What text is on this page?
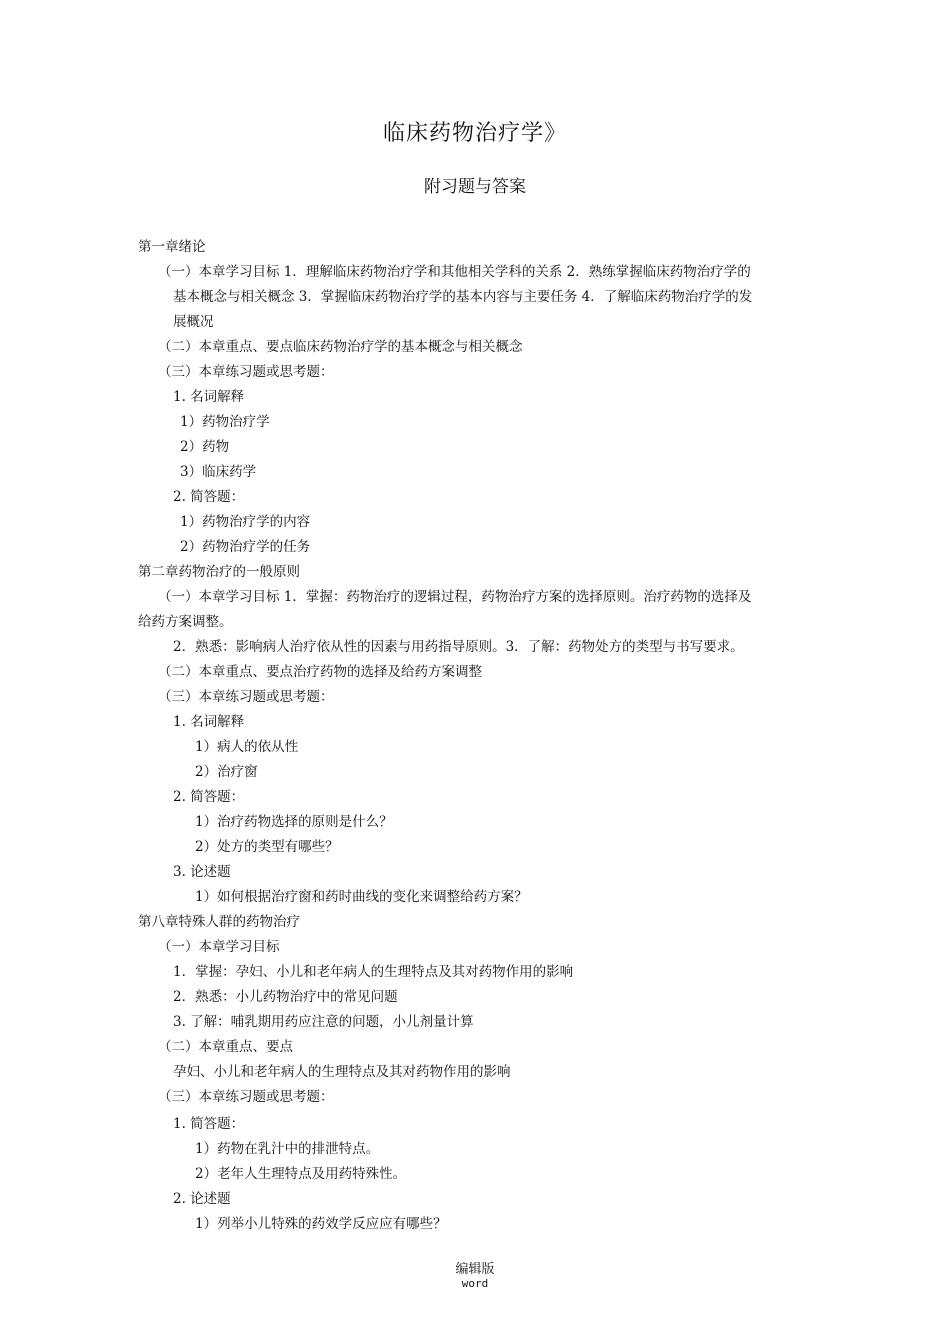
临床药物治疗学》
附习题与答案
第一章绪论
（一）本章学习目标 1．理解临床药物治疗学和其他相关学科的关系 2．熟练掌握临床药物治疗学的
基本概念与相关概念 3．掌握临床药物治疗学的基本内容与主要任务 4．了解临床药物治疗学的发
展概况
（二）本章重点、要点临床药物治疗学的基本概念与相关概念
（三）本章练习题或思考题：
1. 名词解释
1）药物治疗学
2）药物
3）临床药学
2. 简答题：
1）药物治疗学的内容
2）药物治疗学的任务
第二章药物治疗的一般原则
（一）本章学习目标 1．掌握：药物治疗的逻辑过程，药物治疗方案的选择原则。治疗药物的选择及
给药方案调整。
2．熟悉：影响病人治疗依从性的因素与用药指导原则。3．了解：药物处方的类型与书写要求。
（二）本章重点、要点治疗药物的选择及给药方案调整
（三）本章练习题或思考题：
1. 名词解释
1）病人的依从性
2）治疗窗
2. 简答题：
1）治疗药物选择的原则是什么？
2）处方的类型有哪些？
3. 论述题
1）如何根据治疗窗和药时曲线的变化来调整给药方案？
第八章特殊人群的药物治疗
（一）本章学习目标
1．掌握：孕妇、小儿和老年病人的生理特点及其对药物作用的影响
2．熟悉：小儿药物治疗中的常见问题
3. 了解：哺乳期用药应注意的问题，小儿剂量计算
（二）本章重点、要点
孕妇、小儿和老年病人的生理特点及其对药物作用的影响
（三）本章练习题或思考题：
1. 简答题：
1）药物在乳汁中的排泄特点。
2）老年人生理特点及用药特殊性。
2. 论述题
1）列举小儿特殊的药效学反应应有哪些？
编辑版
word
